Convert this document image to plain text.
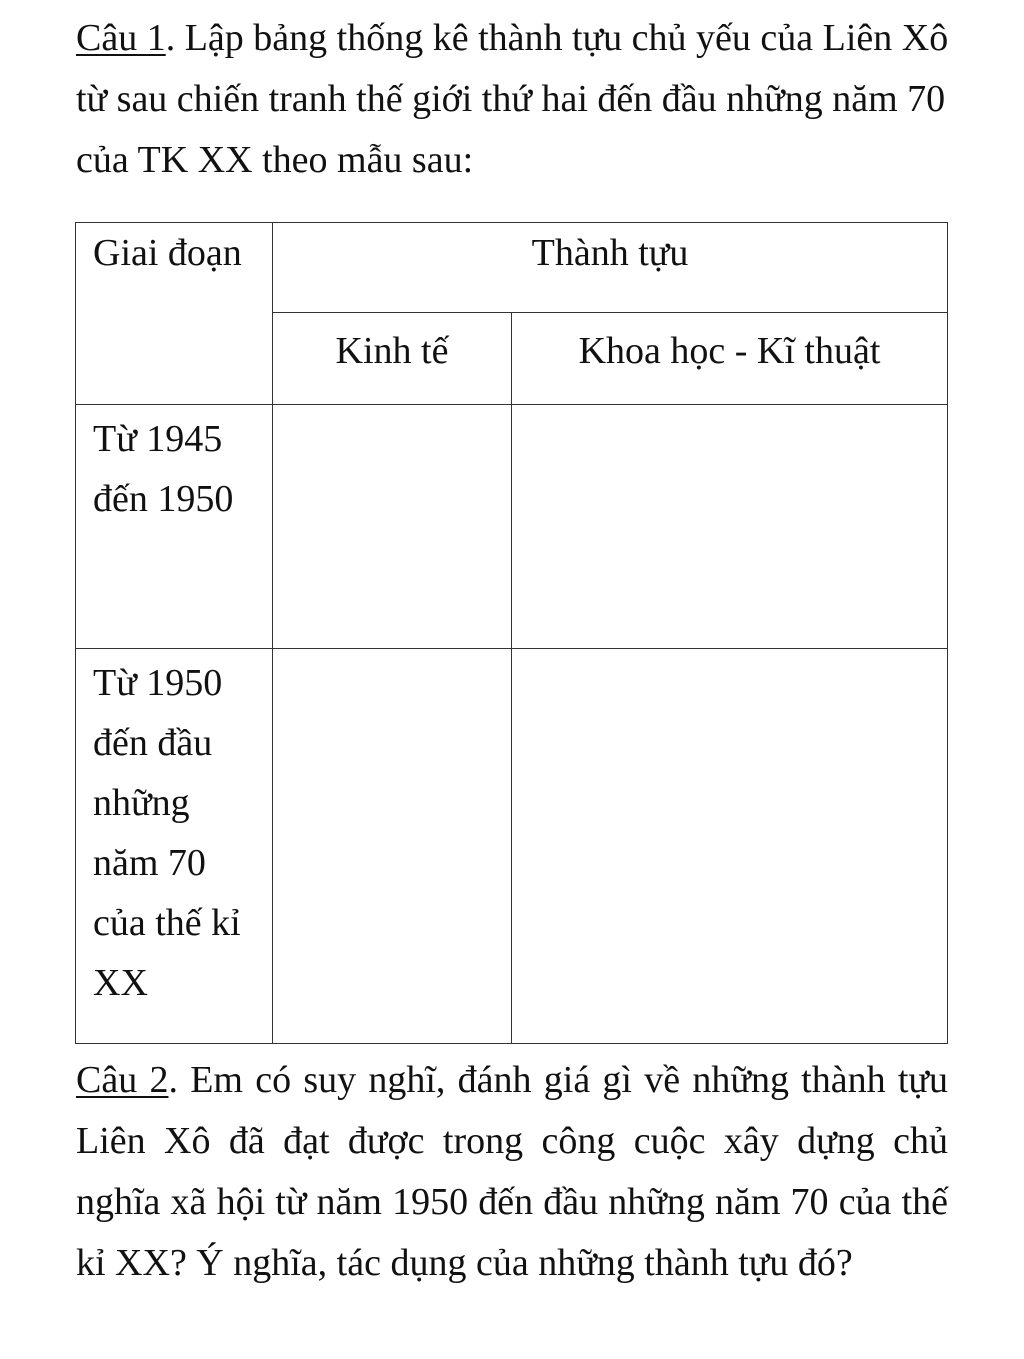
Câu 1. Lập bảng thống kê thành tựu chủ yếu của Liên Xô từ sau chiến tranh thế giới thứ hai đến đầu những năm 70 của TK XX theo mẫu sau:

Giai đoạn	Thành tựu	
	Kinh tế	Khoa học - Kĩ thuật

Từ 1945 đến 1950		

Từ 1950 đến đầu những năm 70 của thế kỉ XX		

Câu 2. Em có suy nghĩ, đánh giá gì về những thành tựu Liên Xô đã đạt được trong công cuộc xây dựng chủ nghĩa xã hội từ năm 1950 đến đầu những năm 70 của thế kỉ XX? Ý nghĩa, tác dụng của những thành tựu đó?
